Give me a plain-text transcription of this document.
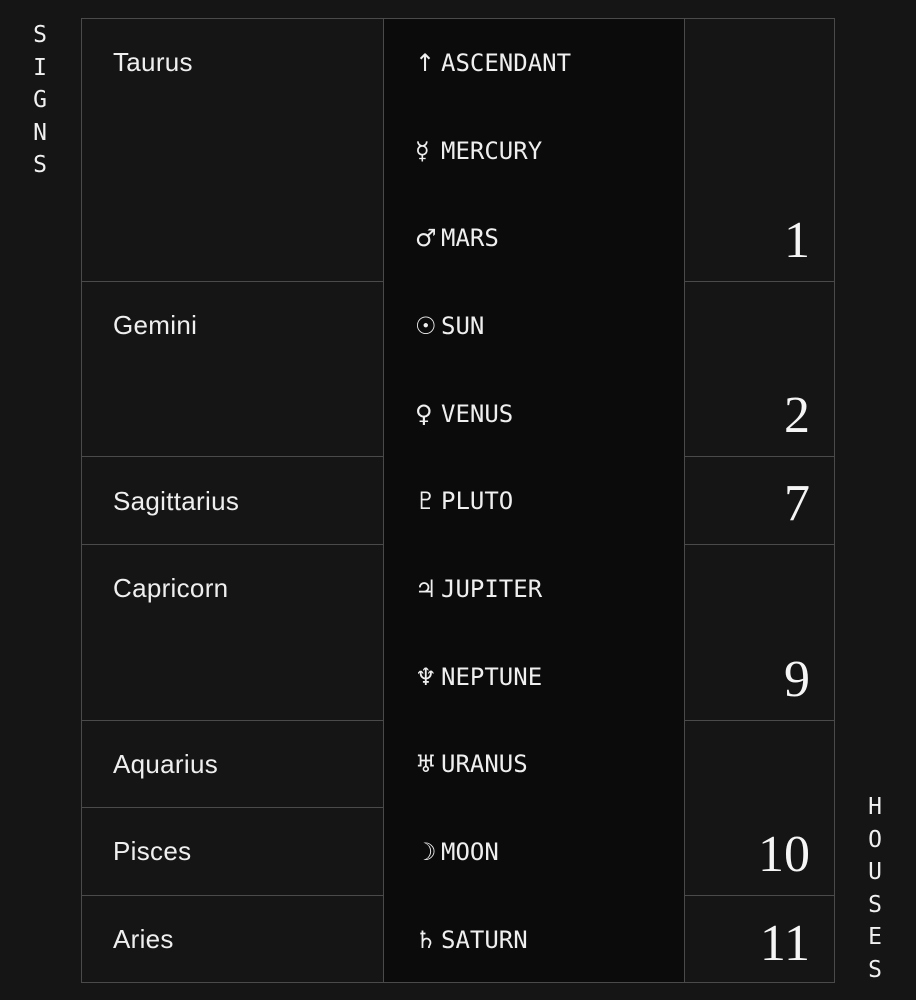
S
I
G
N
S
H
O
U
S
E
S
Taurus
Gemini
Sagittarius
Capricorn
Aquarius
Pisces
Aries
↑ ASCENDANT
☿ MERCURY
♂ MARS
☉ SUN
♀ VENUS
♇ PLUTO
♃ JUPITER
♆ NEPTUNE
♅ URANUS
☽ MOON
♄ SATURN
1
2
7
9
10
11
